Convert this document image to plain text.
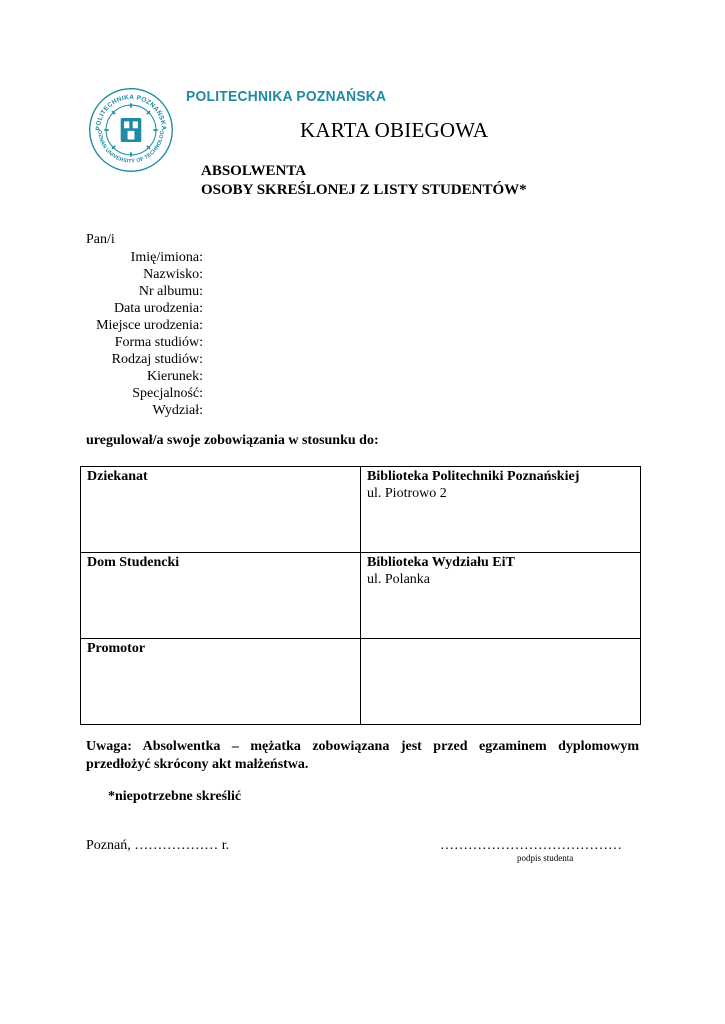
POLITECHNIKA POZNAŃSKA
OZNAN UNIVERSITY OF TECHNOLOG
POLITECHNIKA POZNAŃSKA
KARTA OBIEGOWA
ABSOLWENTA
OSOBY SKREŚLONEJ Z LISTY STUDENTÓW*
Pan/i
Imię/imiona:
Nazwisko:
Nr albumu:
Data urodzenia:
Miejsce urodzenia:
Forma studiów:
Rodzaj studiów:
Kierunek:
Specjalność:
Wydział:
uregulował/a swoje zobowiązania w stosunku do:
Dziekanat	Biblioteka Politechniki Poznańskiej
ul. Piotrowo 2

Dom Studencki	Biblioteka Wydziału EiT
ul. Polanka

Promotor	

Uwaga: Absolwentka – mężatka zobowiązana jest przed egzaminem dyplomowym przedłożyć skrócony akt małżeństwa.
*niepotrzebne skreślić
Poznań, ……………… r.	…………………………………
podpis studenta
